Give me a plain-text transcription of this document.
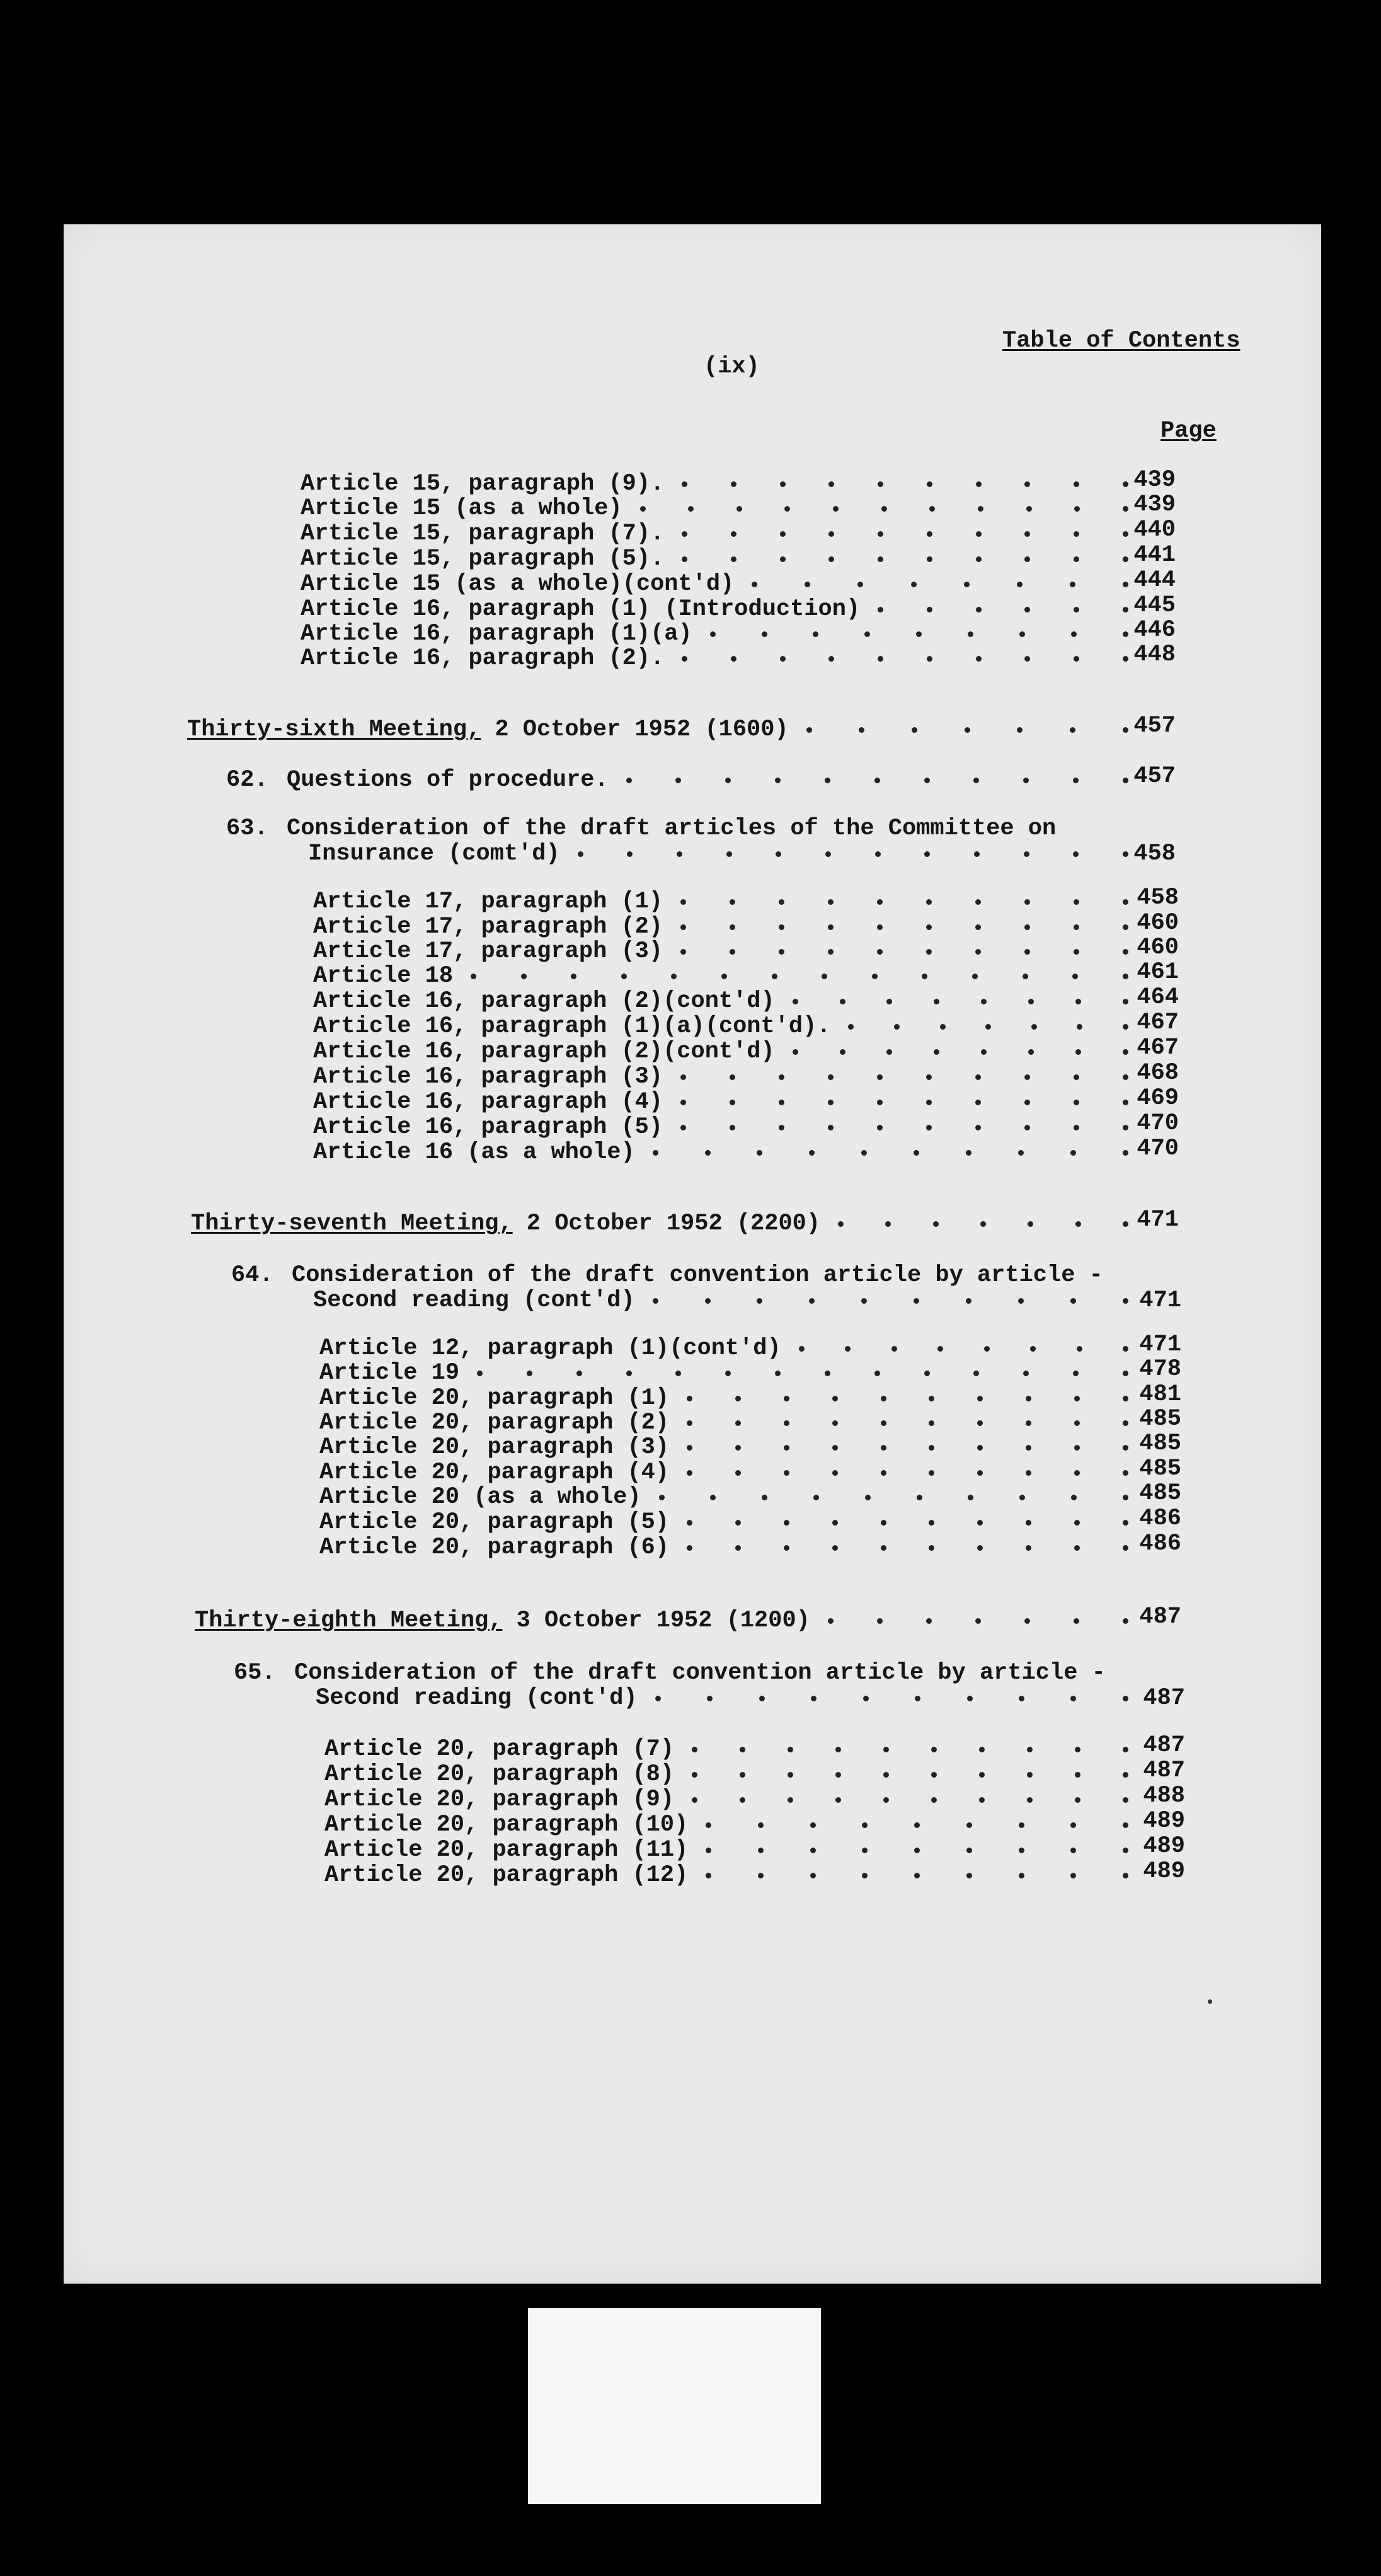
Table of Contents
(ix)
Page
Article 15, paragraph (9).	439
Article 15 (as a whole)	439
Article 15, paragraph (7).	440
Article 15, paragraph (5).	441
Article 15 (as a whole)(cont'd)	444
Article 16, paragraph (1) (Introduction)	445
Article 16, paragraph (1)(a)	446
Article 16, paragraph (2).	448
Thirty-sixth Meeting, 2 October 1952 (1600)	457
62. Questions of procedure.	457
63. Consideration of the draft articles of the Committee on
Insurance (comt'd)	458
Article 17, paragraph (1)	458
Article 17, paragraph (2)	460
Article 17, paragraph (3)	460
Article 18	461
Article 16, paragraph (2)(cont'd)	464
Article 16, paragraph (1)(a)(cont'd).	467
Article 16, paragraph (2)(cont'd)	467
Article 16, paragraph (3)	468
Article 16, paragraph (4)	469
Article 16, paragraph (5)	470
Article 16 (as a whole)	470
Thirty-seventh Meeting, 2 October 1952 (2200)	471
64. Consideration of the draft convention article by article -
Second reading (cont'd)	471
Article 12, paragraph (1)(cont'd)	471
Article 19	478
Article 20, paragraph (1)	481
Article 20, paragraph (2)	485
Article 20, paragraph (3)	485
Article 20, paragraph (4)	485
Article 20 (as a whole)	485
Article 20, paragraph (5)	486
Article 20, paragraph (6)	486
Thirty-eighth Meeting, 3 October 1952 (1200)	487
65. Consideration of the draft convention article by article -
Second reading (cont'd)	487
Article 20, paragraph (7)	487
Article 20, paragraph (8)	487
Article 20, paragraph (9)	488
Article 20, paragraph (10)	489
Article 20, paragraph (11)	489
Article 20, paragraph (12)	489
